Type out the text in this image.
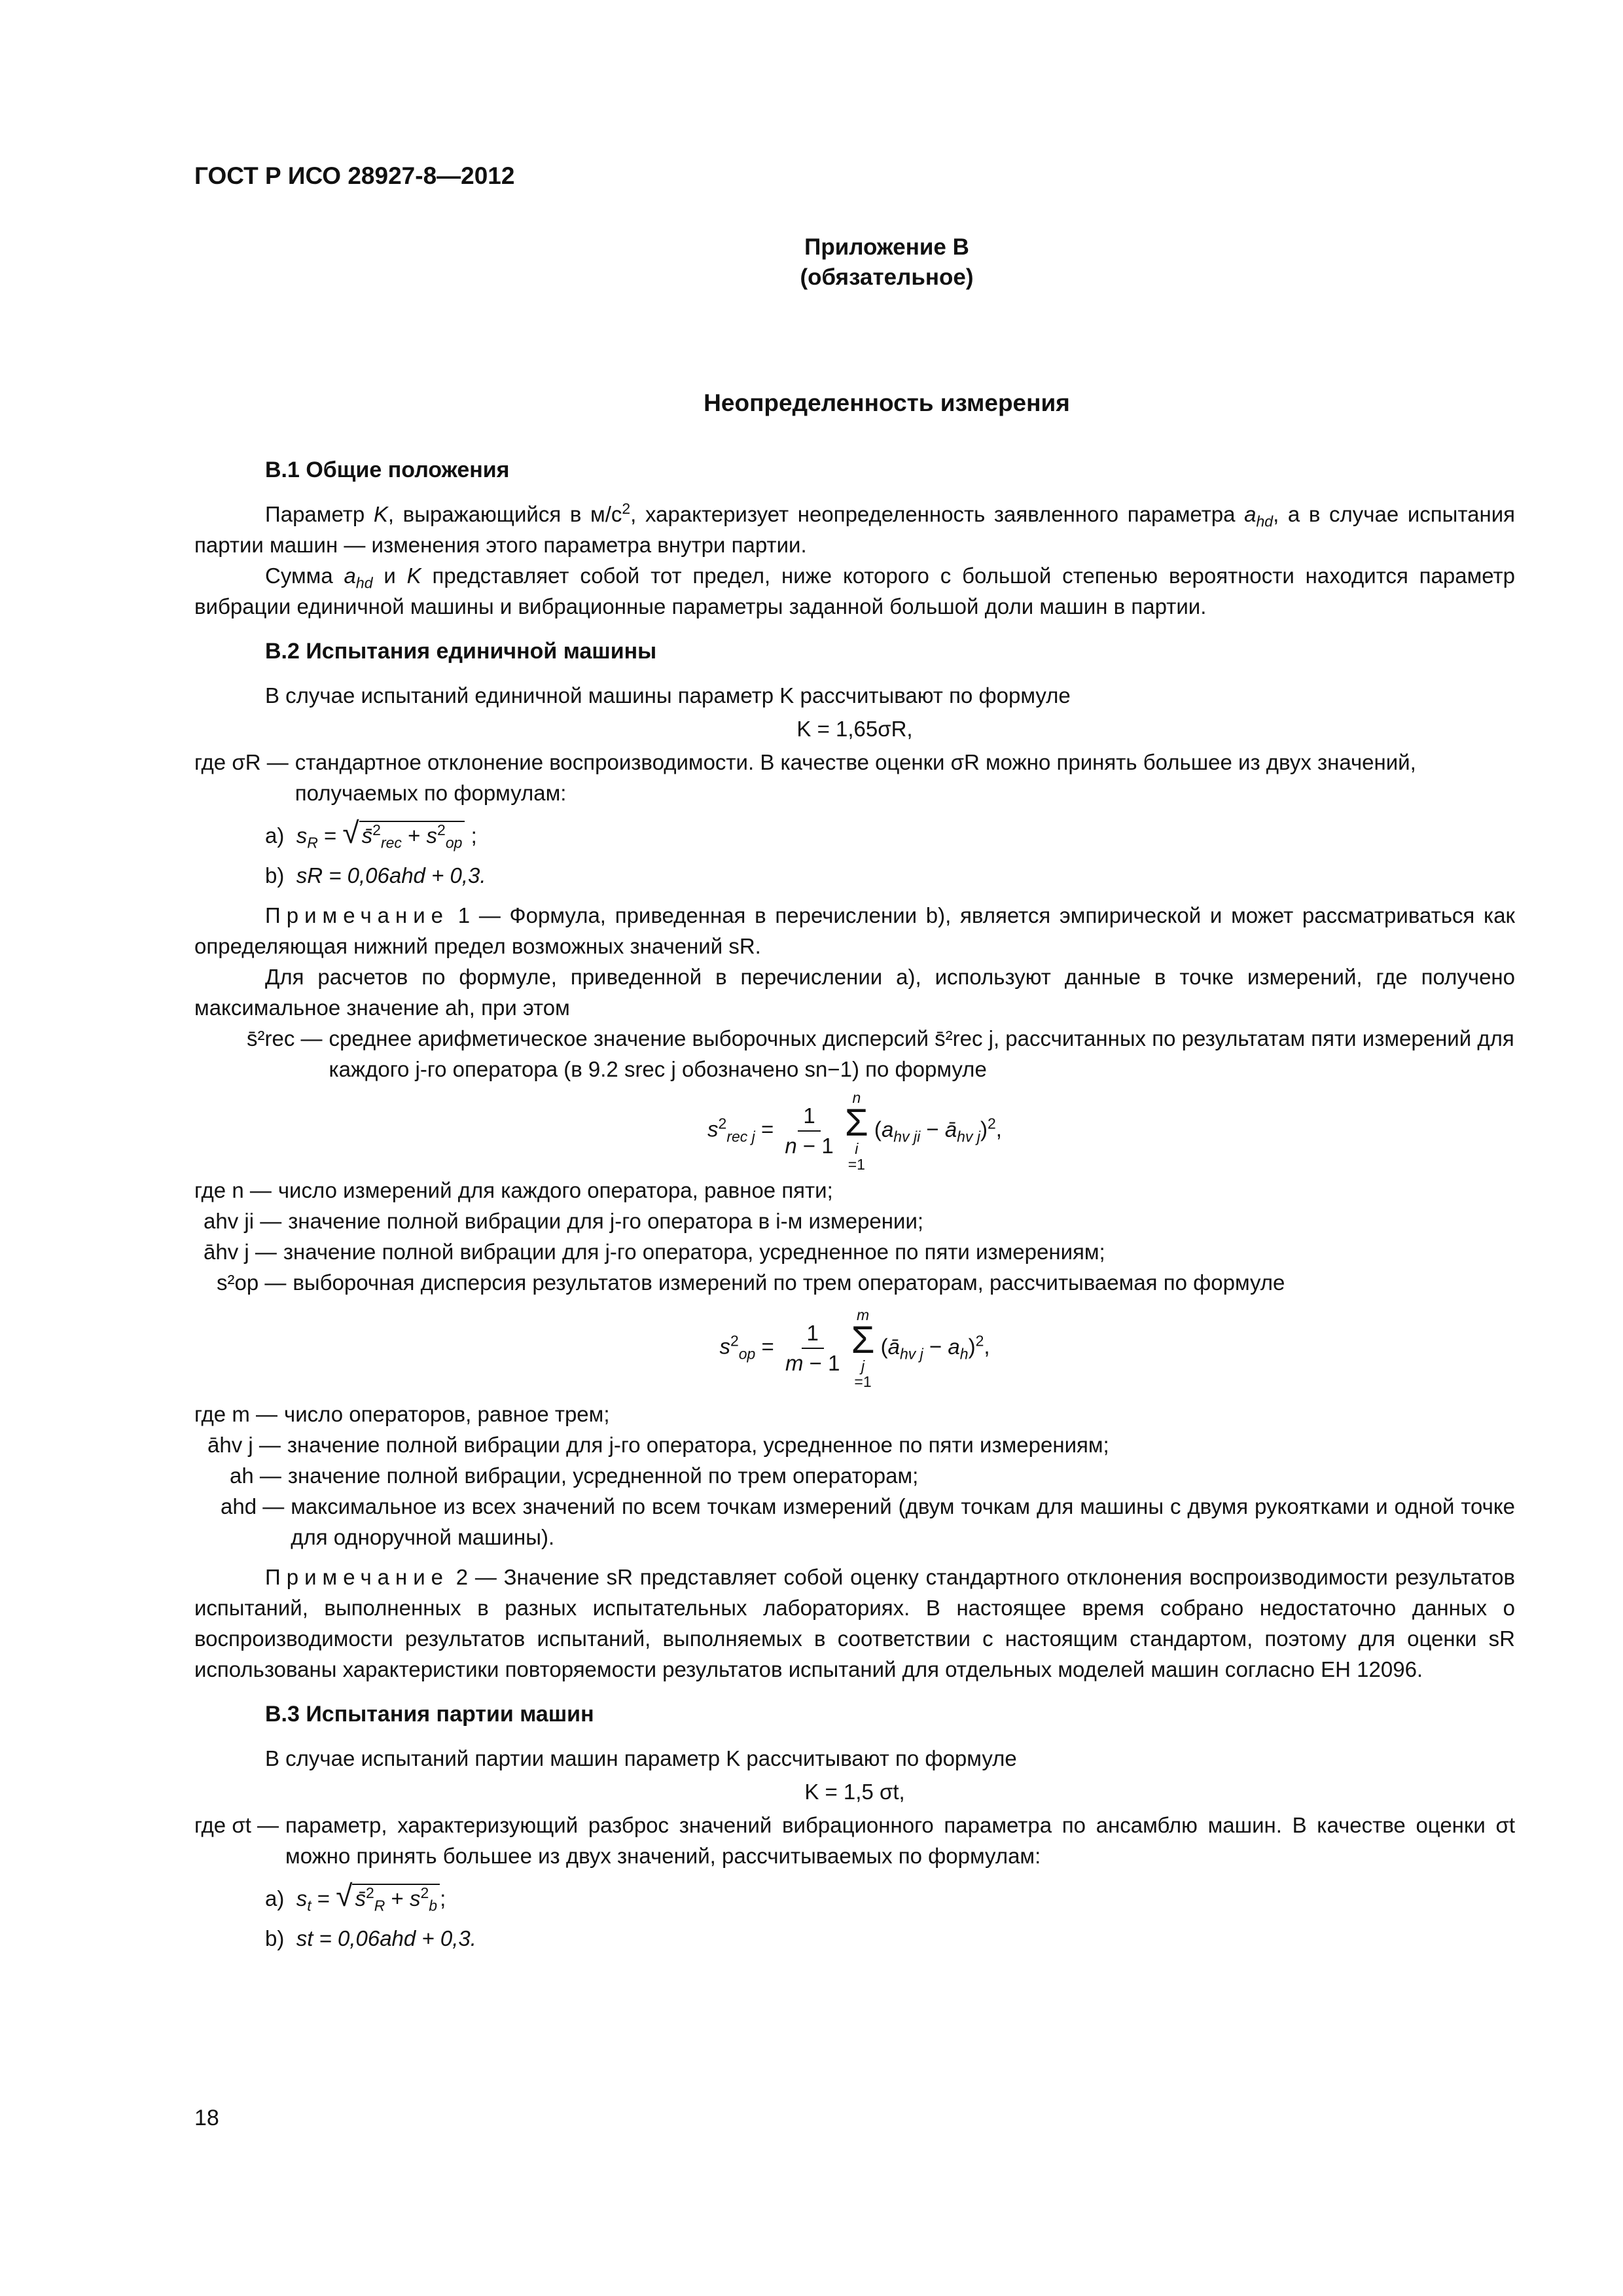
ГОСТ Р ИСО 28927-8—2012
Приложение В
(обязательное)
Неопределенность измерения
В.1 Общие положения

Параметр K, выражающийся в $м/с^2$, характеризует неопределенность заявленного параметра $a_{hd}$, а в случае испытания партии машин — изменения этого параметра внутри партии.

Сумма $a_{hd}$ и K представляет собой тот предел, ниже которого с большой степенью вероятности находится параметр вибрации единичной машины и вибрационные параметры заданной большой доли машин в партии.

В.2 Испытания единичной машины

В случае испытаний единичной машины параметр K рассчитывают по формуле

K = 1,65σR,

где σR — стандартное отклонение воспроизводимости. В качестве оценки σR можно принять большее из двух значений, получаемых по формулам:

a) $s_R$ = √ s̄$^2_{rec}$ + $s^2_{op}$ ;

b) sR = 0,06ahd + 0,3.

Примечание 1 — Формула, приведенная в перечислении b), является эмпирической и может рассматриваться как определяющая нижний предел возможных значений sR.

Для расчетов по формуле, приведенной в перечислении а), используют данные в точке измерений, где получено максимальное значение ah, при этом

s̄²rec — среднее арифметическое значение выборочных дисперсий s̄²rec j, рассчитанных по результатам пяти измерений для каждого j-го оператора (в 9.2 srec j обозначено sn−1) по формуле

$s^2_{rec j} = \frac{1}{n - 1}$

n
Σ
i
=1 ($a_{hv ji}$ − $ā_{hv j})^2$,

где n — число измерений для каждого оператора, равное пяти;
ahv ji — значение полной вибрации для j-го оператора в i-м измерении;
āhv j — значение полной вибрации для j-го оператора, усредненное по пяти измерениям;
s²op — выборочная дисперсия результатов измерений по трем операторам, рассчитываемая по формуле

$s^2_{op} = \frac{1}{m - 1}$

m
Σ
j
=1 $(ā_{hv j} - a_h)^2$,

где m — число операторов, равное трем;
āhv j — значение полной вибрации для j-го оператора, усредненное по пяти измерениям;
ah — значение полной вибрации, усредненной по трем операторам;
ahd — максимальное из всех значений по всем точкам измерений (двум точкам для машины с двумя рукоятками и одной точке для одноручной машины).

Примечание 2 — Значение sR представляет собой оценку стандартного отклонения воспроизводимости результатов испытаний, выполненных в разных испытательных лабораториях. В настоящее время собрано недостаточно данных о воспроизводимости результатов испытаний, выполняемых в соответствии с настоящим стандартом, поэтому для оценки sR использованы характеристики повторяемости результатов испытаний для отдельных моделей машин согласно ЕН 12096.

В.3 Испытания партии машин

В случае испытаний партии машин параметр K рассчитывают по формуле

K = 1,5 σt,

где σt — параметр, характеризующий разброс значений вибрационного параметра по ансамблю машин. В качестве оценки σt можно принять большее из двух значений, рассчитываемых по формулам:

a) $s_t$ = √ s̄$^2_R$ + $s^2_b$ ;

b) st = 0,06ahd + 0,3.

18
